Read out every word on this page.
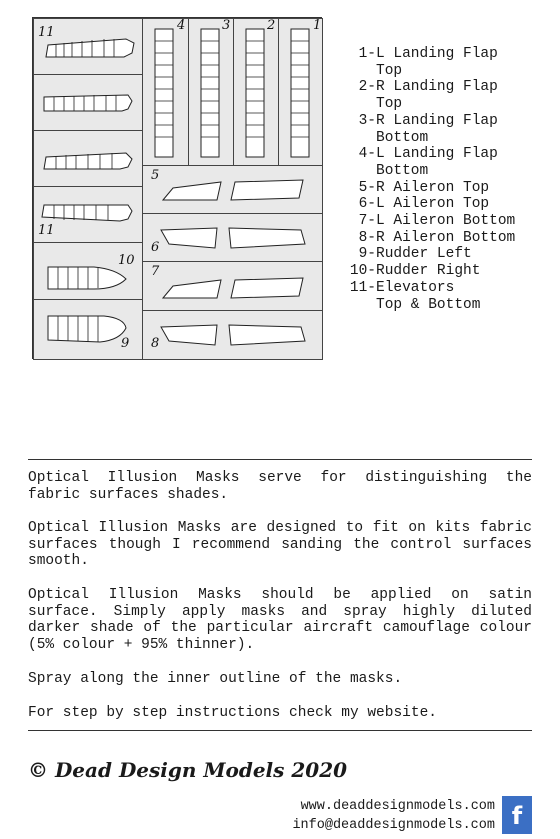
11	4	3	2	1
5
6
11
10
7
9 8
1- L Landing Flap
Top
2- R Landing Flap
Top
3- R Landing Flap
Bottom
4- L Landing Flap
Bottom
5- R Aileron Top
6- L Aileron Top
7- L Aileron Bottom
8- R Aileron Bottom
9- Rudder Left
10- Rudder Right
11- Elevators
Top & Bottom
Optical Illusion Masks serve for distinguishing the fabric surfaces shades.
Optical Illusion Masks are designed to fit on kits fabric surfaces though I recommend sanding the control surfaces smooth.
Optical Illusion Masks should be applied on satin surface. Simply apply masks and spray highly diluted darker shade of the particular aircraft camouflage colour (5% colour + 95% thinner).
Spray along the inner outline of the masks.
For step by step instructions check my website.
© Dead Design Models 2020
www.deaddesignmodels.com
info@deaddesignmodels.com f
